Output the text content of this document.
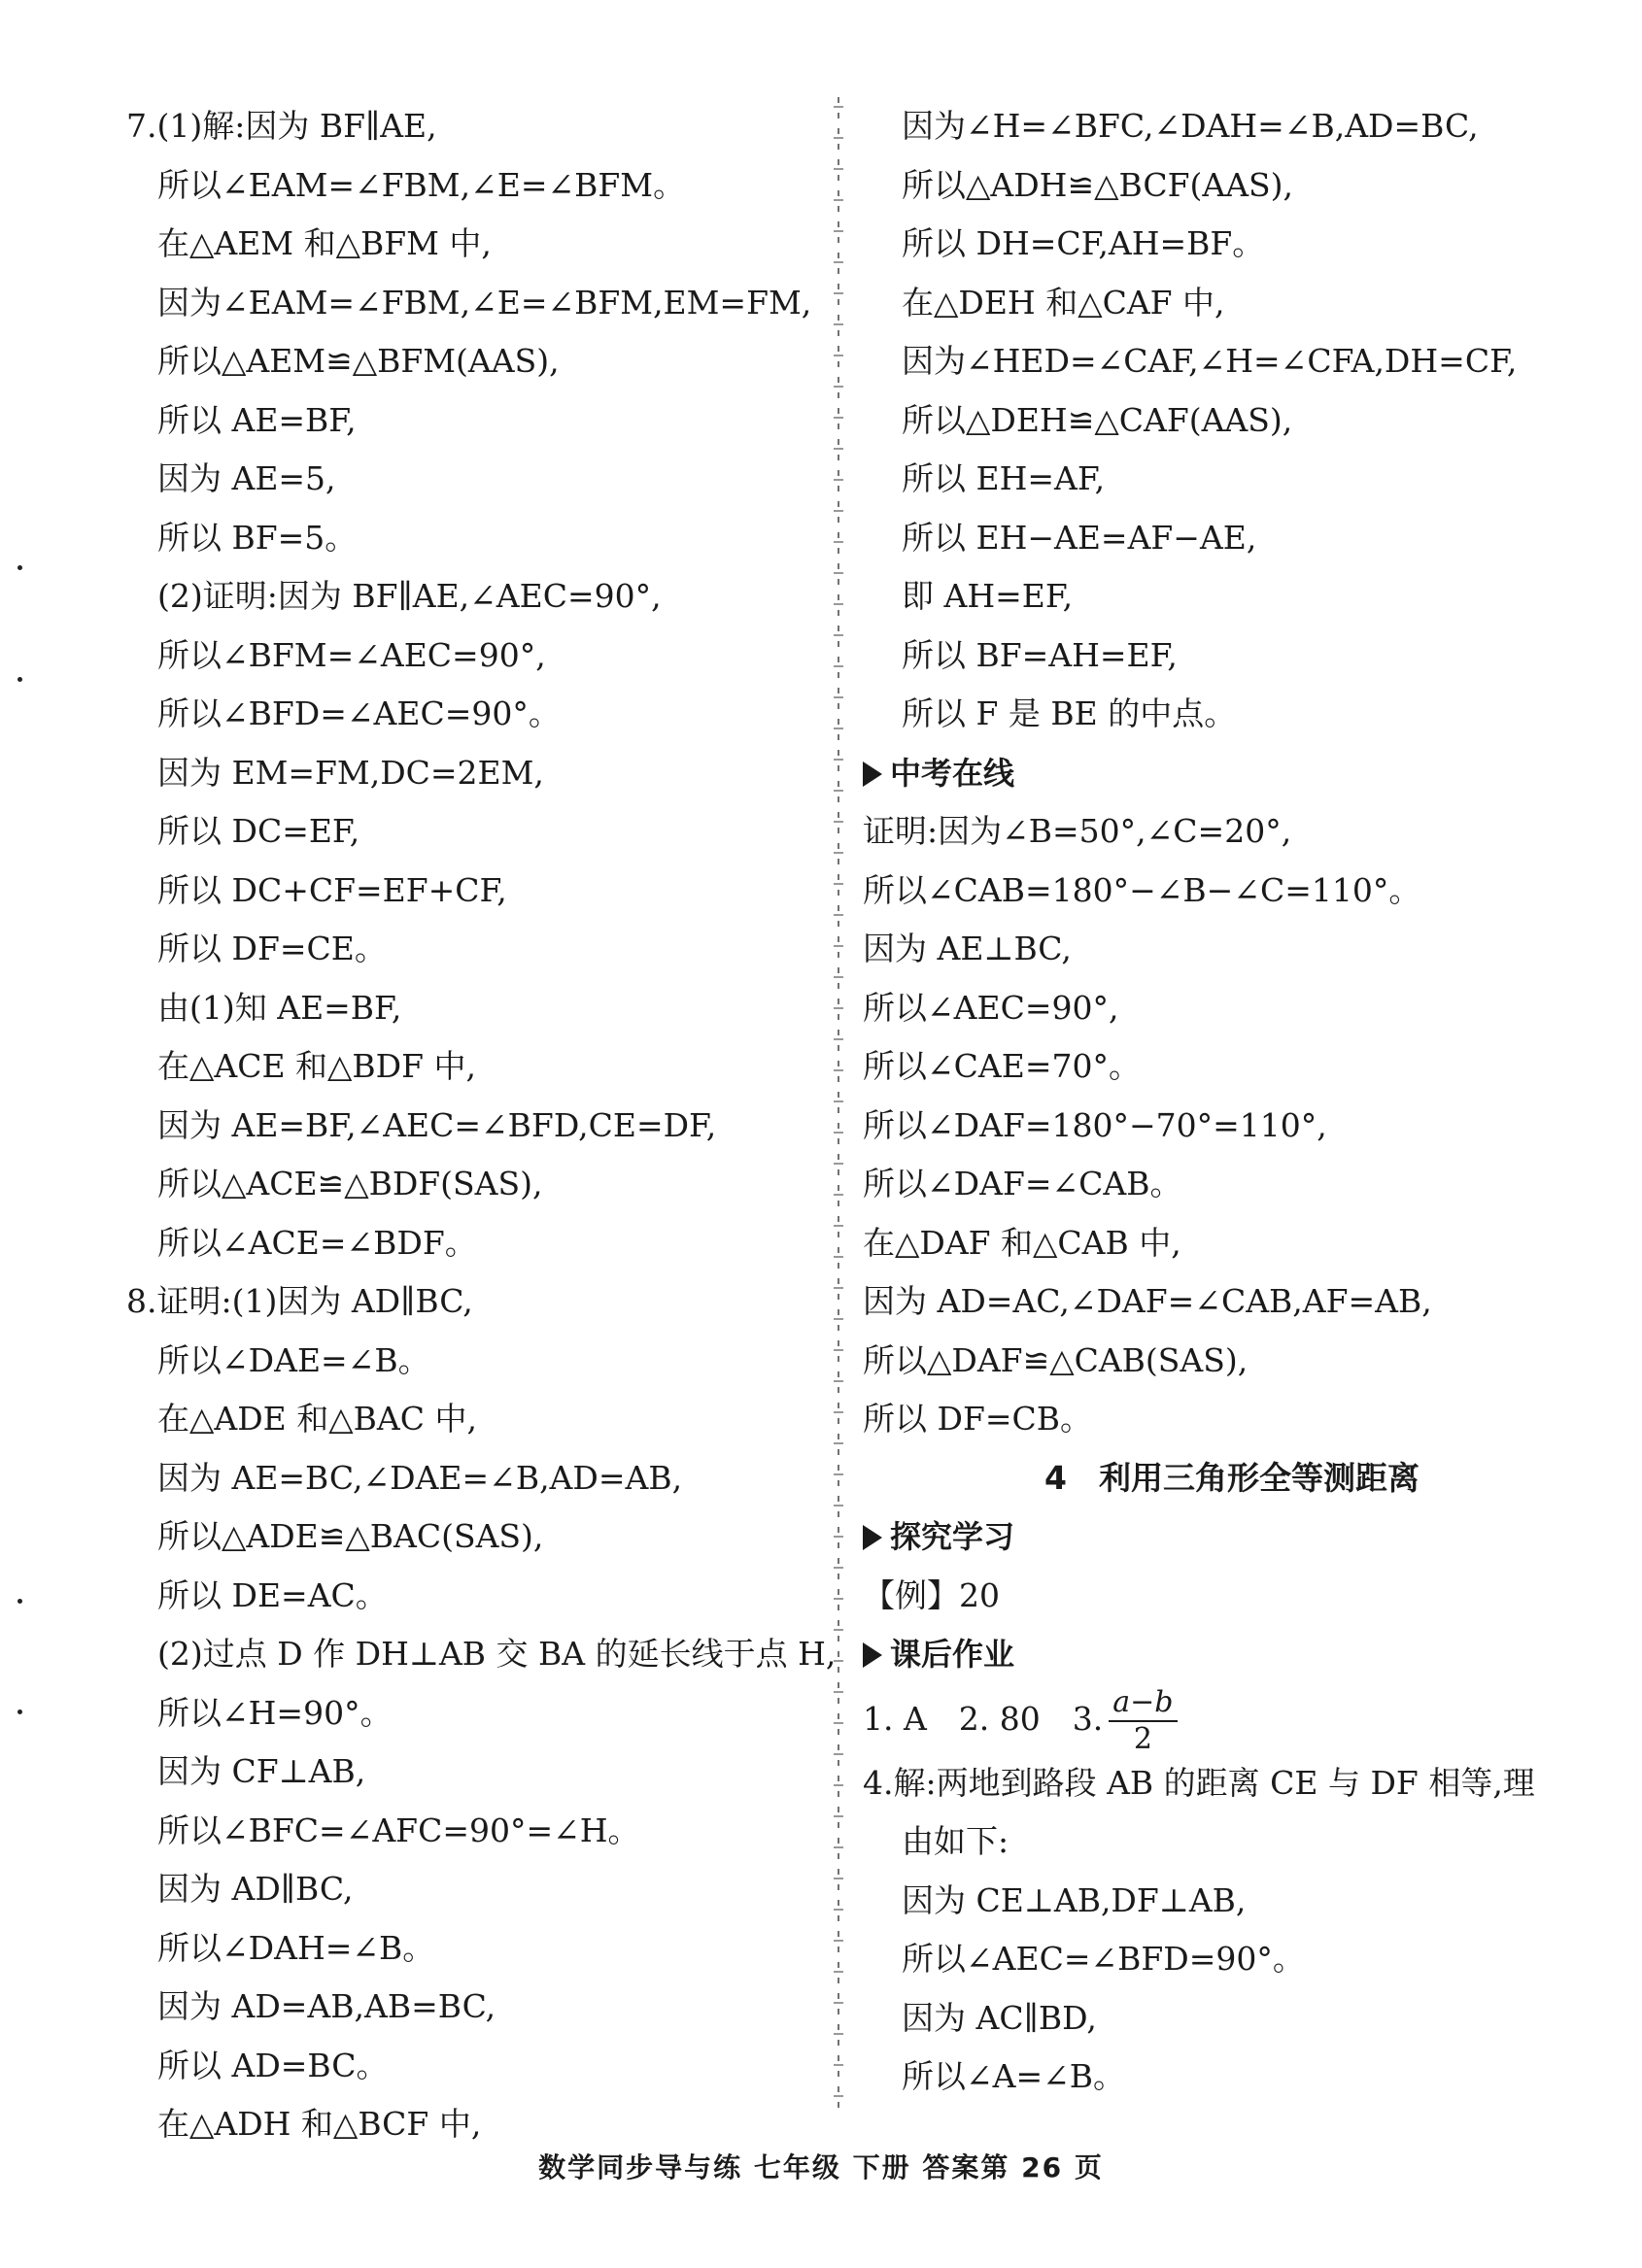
7.(1)解:因为 BF∥AE,
所以∠EAM=∠FBM,∠E=∠BFM。
在△AEM 和△BFM 中,
因为∠EAM=∠FBM,∠E=∠BFM,EM=FM,
所以△AEM≌△BFM(AAS),
所以 AE=BF,
因为 AE=5,
所以 BF=5。
(2)证明:因为 BF∥AE,∠AEC=90°,
所以∠BFM=∠AEC=90°,
所以∠BFD=∠AEC=90°。
因为 EM=FM,DC=2EM,
所以 DC=EF,
所以 DC+CF=EF+CF,
所以 DF=CE。
由(1)知 AE=BF,
在△ACE 和△BDF 中,
因为 AE=BF,∠AEC=∠BFD,CE=DF,
所以△ACE≌△BDF(SAS),
所以∠ACE=∠BDF。
8.证明:(1)因为 AD∥BC,
所以∠DAE=∠B。
在△ADE 和△BAC 中,
因为 AE=BC,∠DAE=∠B,AD=AB,
所以△ADE≌△BAC(SAS),
所以 DE=AC。
(2)过点 D 作 DH⊥AB 交 BA 的延长线于点 H,
所以∠H=90°。
因为 CF⊥AB,
所以∠BFC=∠AFC=90°=∠H。
因为 AD∥BC,
所以∠DAH=∠B。
因为 AD=AB,AB=BC,
所以 AD=BC。
在△ADH 和△BCF 中,
因为∠H=∠BFC,∠DAH=∠B,AD=BC,
所以△ADH≌△BCF(AAS),
所以 DH=CF,AH=BF。
在△DEH 和△CAF 中,
因为∠HED=∠CAF,∠H=∠CFA,DH=CF,
所以△DEH≌△CAF(AAS),
所以 EH=AF,
所以 EH−AE=AF−AE,
即 AH=EF,
所以 BF=AH=EF,
所以 F 是 BE 的中点。
中考在线
证明:因为∠B=50°,∠C=20°,
所以∠CAB=180°−∠B−∠C=110°。
因为 AE⊥BC,
所以∠AEC=90°,
所以∠CAE=70°。
所以∠DAF=180°−70°=110°,
所以∠DAF=∠CAB。
在△DAF 和△CAB 中,
因为 AD=AC,∠DAF=∠CAB,AF=AB,
所以△DAF≌△CAB(SAS),
所以 DF=CB。
4　利用三角形全等测距离
探究学习
【例】20
课后作业
1. A　2. 80　3. $\frac{a-b}{2}$
4.解:两地到路段 AB 的距离 CE 与 DF 相等,理
由如下:
因为 CE⊥AB,DF⊥AB,
所以∠AEC=∠BFD=90°。
因为 AC∥BD,
所以∠A=∠B。
数学同步导与练 七年级 下册 答案第 26 页
